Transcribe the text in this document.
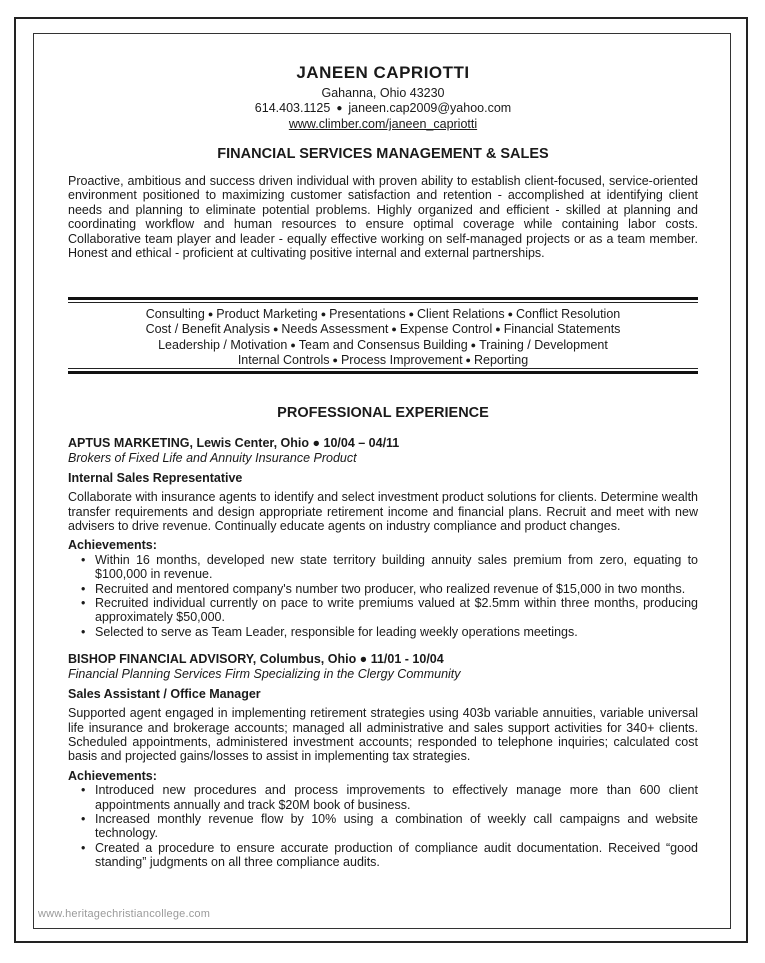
JANEEN CAPRIOTTI
Gahanna, Ohio 43230
614.403.1125 ● janeen.cap2009@yahoo.com
www.climber.com/janeen_capriotti
FINANCIAL SERVICES MANAGEMENT & SALES

Proactive, ambitious and success driven individual with proven ability to establish client-focused, service-oriented environment positioned to maximizing customer satisfaction and retention - accomplished at identifying client needs and planning to eliminate potential problems. Highly organized and efficient - skilled at planning and coordinating workflow and human resources to ensure optimal coverage while containing labor costs. Collaborative team player and leader - equally effective working on self-managed projects or as a team member. Honest and ethical - proficient at cultivating positive internal and external partnerships.

Consulting ● Product Marketing ● Presentations ● Client Relations ● Conflict Resolution
Cost / Benefit Analysis ● Needs Assessment ● Expense Control ● Financial Statements
Leadership / Motivation ● Team and Consensus Building ● Training / Development
Internal Controls ● Process Improvement ● Reporting
PROFESSIONAL EXPERIENCE
APTUS MARKETING, Lewis Center, Ohio ● 10/04 – 04/11
Brokers of Fixed Life and Annuity Insurance Product
Internal Sales Representative
Collaborate with insurance agents to identify and select investment product solutions for clients. Determine wealth transfer requirements and design appropriate retirement income and financial plans. Recruit and meet with new advisers to drive revenue. Continually educate agents on industry compliance and product changes.
Achievements:
• Within 16 months, developed new state territory building annuity sales premium from zero, equating to $100,000 in revenue.
• Recruited and mentored company's number two producer, who realized revenue of $15,000 in two months.
• Recruited individual currently on pace to write premiums valued at $2.5mm within three months, producing approximately $50,000.
• Selected to serve as Team Leader, responsible for leading weekly operations meetings.
BISHOP FINANCIAL ADVISORY, Columbus, Ohio ● 11/01 - 10/04
Financial Planning Services Firm Specializing in the Clergy Community
Sales Assistant / Office Manager
Supported agent engaged in implementing retirement strategies using 403b variable annuities, variable universal life insurance and brokerage accounts; managed all administrative and sales support activities for 340+ clients. Scheduled appointments, administered investment accounts; responded to telephone inquiries; calculated cost basis and projected gains/losses to assist in implementing tax strategies.
Achievements:
• Introduced new procedures and process improvements to effectively manage more than 600 client appointments annually and track $20M book of business.
• Increased monthly revenue flow by 10% using a combination of weekly call campaigns and website technology.
• Created a procedure to ensure accurate production of compliance audit documentation. Received “good standing” judgments on all three compliance audits.
www.heritagechristiancollege.com
